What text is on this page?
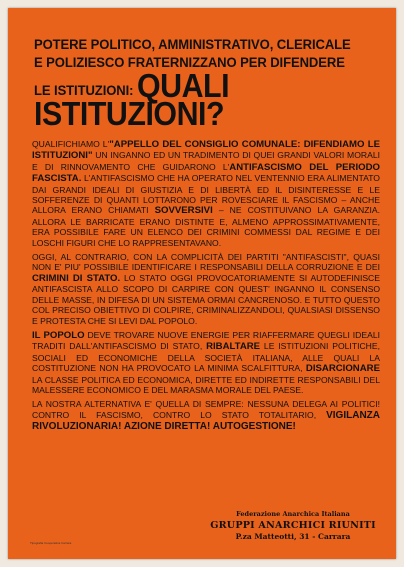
POTERE POLITICO, AMMINISTRATIVO, CLERICALE E POLIZIESCO FRATERNIZZANO PER DIFENDERE LE ISTITUZIONI: QUALI ISTITUZIONI?

QUALIFICHIAMO L'"APPELLO DEL CONSIGLIO COMUNALE: DIFENDIAMO LE ISTITUZIONI" UN INGANNO ED UN TRADIMENTO DI QUEI GRANDI VALORI MORALI E DI RINNOVAMENTO CHE GUIDARONO L'ANTIFASCISMO DEL PERIODO FASCISTA. L'ANTIFASCISMO CHE HA OPERATO NEL VENTENNIO ERA ALIMENTATO DAI GRANDI IDEALI DI GIUSTIZIA E DI LIBERTÀ ED IL DISINTERESSE E LE SOFFERENZE DI QUANTI LOTTARONO PER ROVESCIARE IL FASCISMO – ANCHE ALLORA ERANO CHIAMATI SOVVERSIVI – NE COSTITUIVANO LA GARANZIA. ALLORA LE BARRICATE ERANO DISTINTE E, ALMENO APPROSSIMATIVAMENTE, ERA POSSIBILE FARE UN ELENCO DEI CRIMINI COMMESSI DAL REGIME E DEI LOSCHI FIGURI CHE LO RAPPRESENTAVANO.

OGGI, AL CONTRARIO, CON LA COMPLICITÀ DEI PARTITI "ANTIFASCISTI", QUASI NON E' PIU' POSSIBILE IDENTIFICARE I RESPONSABILI DELLA CORRUZIONE E DEI CRIMINI DI STATO. LO STATO OGGI PROVOCATORIAMENTE SI AUTODEFINISCE ANTIFASCISTA ALLO SCOPO DI CARPIRE CON QUEST' INGANNO IL CONSENSO DELLE MASSE, IN DIFESA DI UN SISTEMA ORMAI CANCRENOSO. E TUTTO QUESTO COL PRECISO OBIETTIVO DI COLPIRE, CRIMINALIZZANDOLI, QUALSIASI DISSENSO E PROTESTA CHE SI LEVI DAL POPOLO.

IL POPOLO DEVE TROVARE NUOVE ENERGIE PER RIAFFERMARE QUEGLI IDEALI TRADITI DALL'ANTIFASCISMO DI STATO, RIBALTARE LE ISTITUZIONI POLITICHE, SOCIALI ED ECONOMICHE DELLA SOCIETÀ ITALIANA, ALLE QUALI LA COSTITUZIONE NON HA PROVOCATO LA MINIMA SCALFITTURA, DISARCIONARE LA CLASSE POLITICA ED ECONOMICA, DIRETTE ED INDIRETTE RESPONSABILI DEL MALESSERE ECONOMICO E DEL MARASMA MORALE DEL PAESE.

LA NOSTRA ALTERNATIVA E' QUELLA DI SEMPRE: NESSUNA DELEGA AI POLITICI! CONTRO IL FASCISMO, CONTRO LO STATO TOTALITARIO, VIGILANZA RIVOLUZIONARIA! AZIONE DIRETTA! AUTOGESTIONE!

Federazione Anarchica Italiana
GRUPPI ANARCHICI RIUNITI
P.za Matteotti, 31 - Carrara
Tipografia Cooperativa Carrara
